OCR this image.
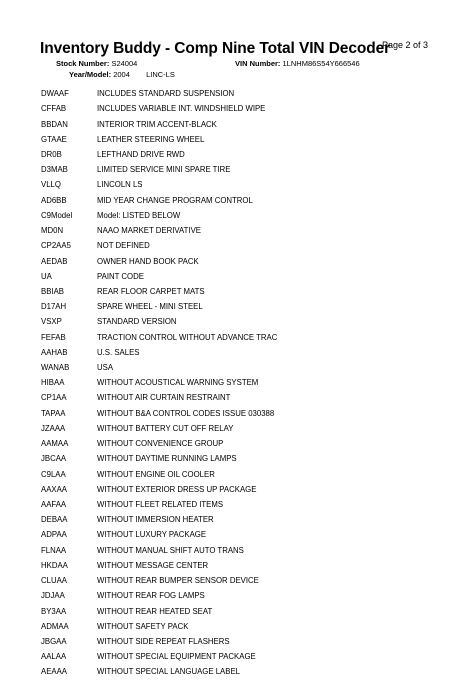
Inventory Buddy - Comp Nine Total VIN Decoder
Page 2 of 3
Stock Number: S24004	VIN Number: 1LNHM86S54Y666546
Year/Model: 2004 LINC-LS
DWAAF	INCLUDES STANDARD SUSPENSION
CFFAB	INCLUDES VARIABLE INT. WINDSHIELD WIPE
BBDAN	INTERIOR TRIM ACCENT-BLACK
GTAAE	LEATHER STEERING WHEEL
DR0B	LEFTHAND DRIVE RWD
D3MAB	LIMITED SERVICE MINI SPARE TIRE
VLLQ	LINCOLN LS
AD6BB	MID YEAR CHANGE PROGRAM CONTROL
C9Model	Model: LISTED BELOW
MD0N	NAAO MARKET DERIVATIVE
CP2AA5	NOT DEFINED
AEDAB	OWNER HAND BOOK PACK
UA	PAINT CODE
BBIAB	REAR FLOOR CARPET MATS
D17AH	SPARE WHEEL - MINI STEEL
VSXP	STANDARD VERSION
FEFAB	TRACTION CONTROL WITHOUT ADVANCE TRAC
AAHAB	U.S. SALES
WANAB	USA
HIBAA	WITHOUT ACOUSTICAL WARNING SYSTEM
CP1AA	WITHOUT AIR CURTAIN RESTRAINT
TAPAA	WITHOUT B&A CONTROL CODES ISSUE 030388
JZAAA	WITHOUT BATTERY CUT OFF RELAY
AAMAA	WITHOUT CONVENIENCE GROUP
JBCAA	WITHOUT DAYTIME RUNNING LAMPS
C9LAA	WITHOUT ENGINE OIL COOLER
AAXAA	WITHOUT EXTERIOR DRESS UP PACKAGE
AAFAA	WITHOUT FLEET RELATED ITEMS
DEBAA	WITHOUT IMMERSION HEATER
ADPAA	WITHOUT LUXURY PACKAGE
FLNAA	WITHOUT MANUAL SHIFT AUTO TRANS
HKDAA	WITHOUT MESSAGE CENTER
CLUAA	WITHOUT REAR BUMPER SENSOR DEVICE
JDJAA	WITHOUT REAR FOG LAMPS
BY3AA	WITHOUT REAR HEATED SEAT
ADMAA	WITHOUT SAFETY PACK
JBGAA	WITHOUT SIDE REPEAT FLASHERS
AALAA	WITHOUT SPECIAL EQUIPMENT PACKAGE
AEAAA	WITHOUT SPECIAL LANGUAGE LABEL
